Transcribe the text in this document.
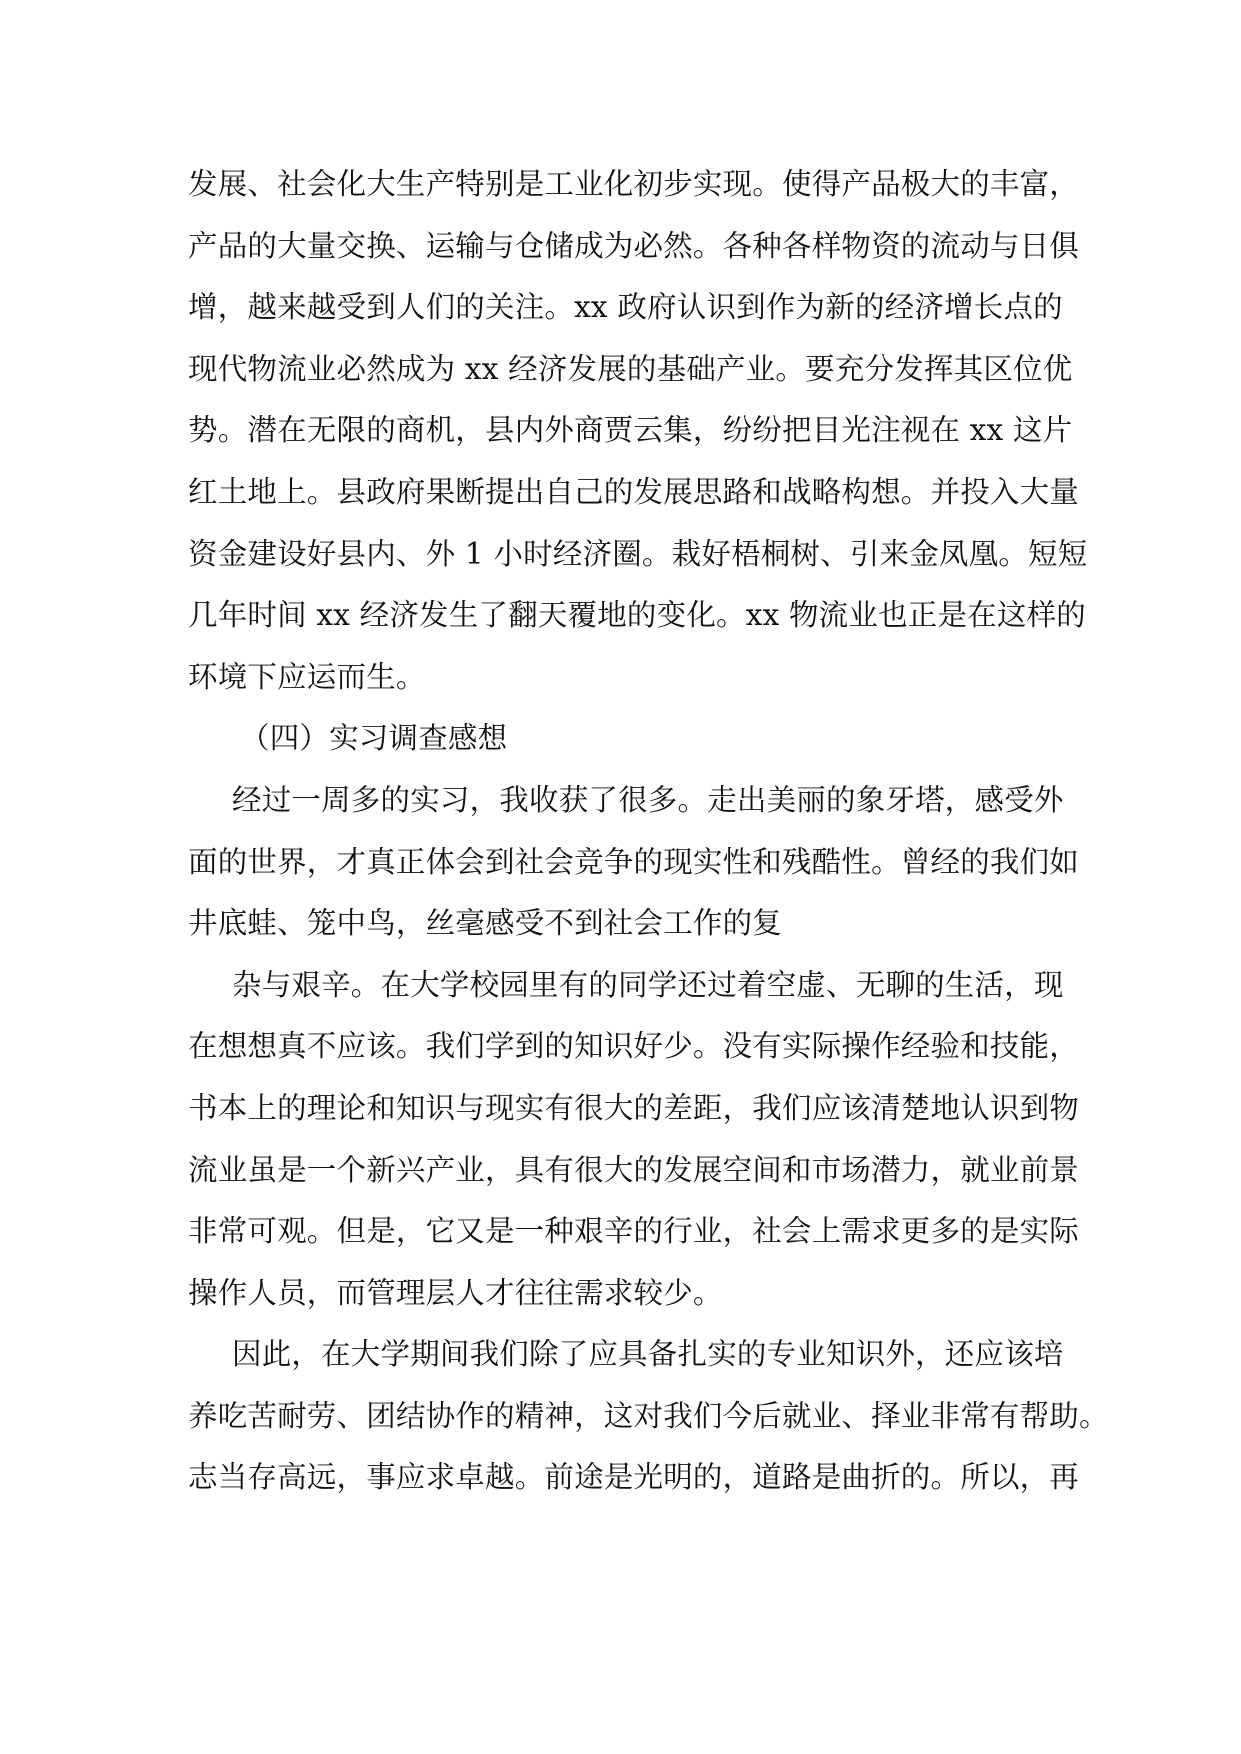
发展、社会化大生产特别是工业化初步实现。使得产品极大的丰富，
产品的大量交换、运输与仓储成为必然。各种各样物资的流动与日俱
增，越来越受到人们的关注。xx 政府认识到作为新的经济增长点的
现代物流业必然成为 xx 经济发展的基础产业。要充分发挥其区位优
势。潜在无限的商机，县内外商贾云集，纷纷把目光注视在 xx 这片
红土地上。县政府果断提出自己的发展思路和战略构想。并投入大量
资金建设好县内、外 1 小时经济圈。栽好梧桐树、引来金凤凰。短短
几年时间 xx 经济发生了翻天覆地的变化。xx 物流业也正是在这样的
环境下应运而生。
（四）实习调查感想
经过一周多的实习，我收获了很多。走出美丽的象牙塔，感受外
面的世界，才真正体会到社会竞争的现实性和残酷性。曾经的我们如
井底蛙、笼中鸟，丝毫感受不到社会工作的复
杂与艰辛。在大学校园里有的同学还过着空虚、无聊的生活，现
在想想真不应该。我们学到的知识好少。没有实际操作经验和技能，
书本上的理论和知识与现实有很大的差距，我们应该清楚地认识到物
流业虽是一个新兴产业，具有很大的发展空间和市场潜力，就业前景
非常可观。但是，它又是一种艰辛的行业，社会上需求更多的是实际
操作人员，而管理层人才往往需求较少。
因此，在大学期间我们除了应具备扎实的专业知识外，还应该培
养吃苦耐劳、团结协作的精神，这对我们今后就业、择业非常有帮助。
志当存高远，事应求卓越。前途是光明的，道路是曲折的。所以，再
